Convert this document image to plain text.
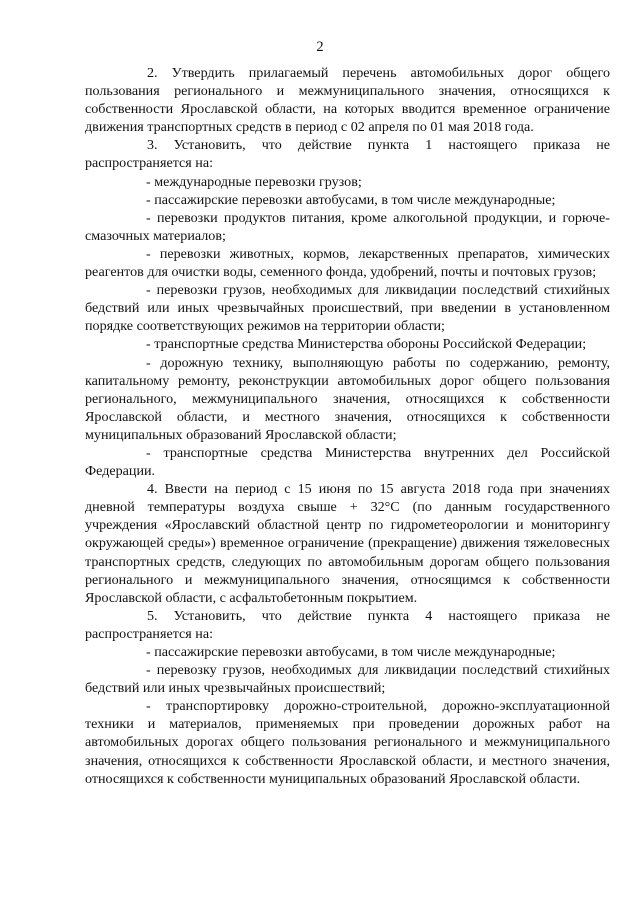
2

2. Утвердить прилагаемый перечень автомобильных дорог общего пользования регионального и межмуниципального значения, относящихся к собственности Ярославской области, на которых вводится временное ограничение движения транспортных средств в период с 02 апреля по 01 мая 2018 года.

3. Установить, что действие пункта 1 настоящего приказа не распространяется на:

- международные перевозки грузов;

- пассажирские перевозки автобусами, в том числе международные;

- перевозки продуктов питания, кроме алкогольной продукции, и горюче-смазочных материалов;

- перевозки животных, кормов, лекарственных препаратов, химических реагентов для очистки воды, семенного фонда, удобрений, почты и почтовых грузов;

- перевозки грузов, необходимых для ликвидации последствий стихийных бедствий или иных чрезвычайных происшествий, при введении в установленном порядке соответствующих режимов на территории области;

- транспортные средства Министерства обороны Российской Федерации;

- дорожную технику, выполняющую работы по содержанию, ремонту, капитальному ремонту, реконструкции автомобильных дорог общего пользования регионального, межмуниципального значения, относящихся к собственности Ярославской области, и местного значения, относящихся к собственности муниципальных образований Ярославской области;

- транспортные средства Министерства внутренних дел Российской Федерации.

4. Ввести на период с 15 июня по 15 августа 2018 года при значениях дневной температуры воздуха свыше + 32°С (по данным государственного учреждения «Ярославский областной центр по гидрометеорологии и мониторингу окружающей среды») временное ограничение (прекращение) движения тяжеловесных транспортных средств, следующих по автомобильным дорогам общего пользования регионального и межмуниципального значения, относящимся к собственности Ярославской области, с асфальтобетонным покрытием.

5. Установить, что действие пункта 4 настоящего приказа не распространяется на:

- пассажирские перевозки автобусами, в том числе международные;

- перевозку грузов, необходимых для ликвидации последствий стихийных бедствий или иных чрезвычайных происшествий;

- транспортировку дорожно-строительной, дорожно-эксплуатационной техники и материалов, применяемых при проведении дорожных работ на автомобильных дорогах общего пользования регионального и межмуниципального значения, относящихся к собственности Ярославской области, и местного значения, относящихся к собственности муниципальных образований Ярославской области.
